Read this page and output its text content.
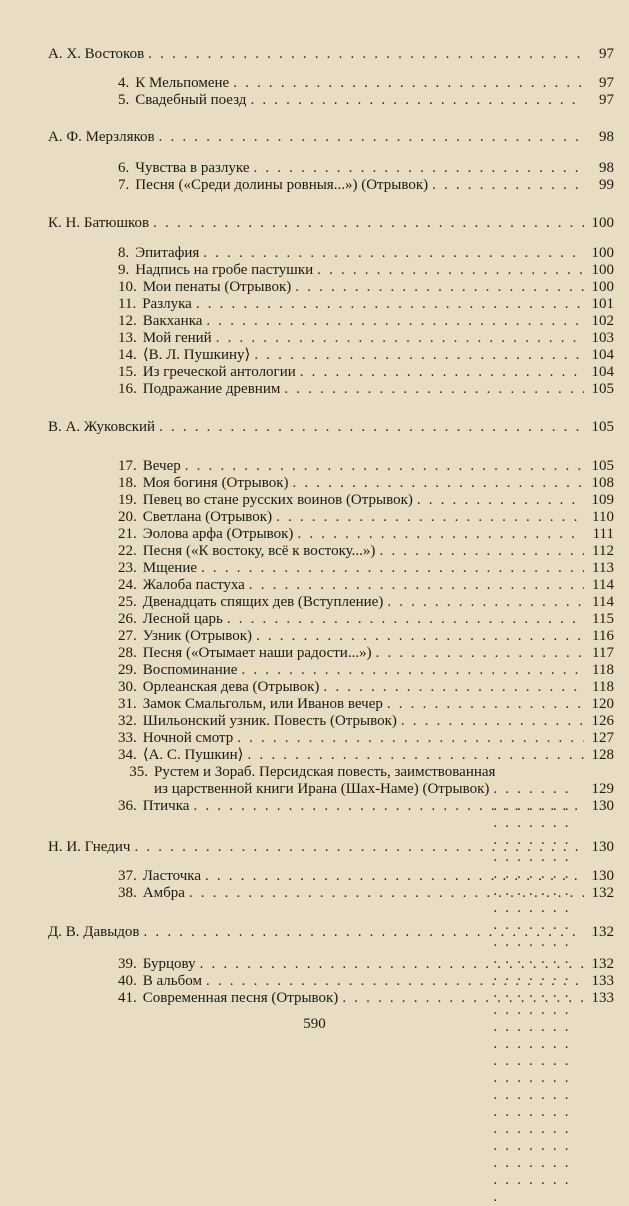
А. Х. Востоков . . .	97
4. К Мельпомене . . .	97
5. Свадебный поезд . . .	97
А. Ф. Мерзляков . . .	98
6. Чувства в разлуке . . .	98
7. Песня («Среди долины ровныя...») (Отрывок) . . .	99
К. Н. Батюшков . . .	100
8. Эпитафия . . .	100
9. Надпись на гробе пастушки . . .	100
10. Мои пенаты (Отрывок) . . .	100
11. Разлука . . .	101
12. Вакханка . . .	102
13. Мой гений . . .	103
14. ⟨В. Л. Пушкину⟩ . . .	104
15. Из греческой антологии . . .	104
16. Подражание древним . . .	105
В. А. Жуковский . . .	105
17. Вечер . . .	105
18. Моя богиня (Отрывок) . . .	108
19. Певец во стане русских воинов (Отрывок) . . .	109
20. Светлана (Отрывок) . . .	110
21. Эолова арфа (Отрывок) . . .	111
22. Песня («К востоку, всё к востоку...») . . .	112
23. Мщение . . .	113
24. Жалоба пастуха . . .	114
25. Двенадцать спящих дев (Вступление) . . .	114
26. Лесной царь . . .	115
27. Узник (Отрывок) . . .	116
28. Песня («Отымает наши радости...») . . .	117
29. Воспоминание . . .	118
30. Орлеанская дева (Отрывок) . . .	118
31. Замок Смальгольм, или Иванов вечер . . .	120
32. Шильонский узник. Повесть (Отрывок) . . .	126
33. Ночной смотр . . .	127
34. ⟨А. С. Пушкин⟩ . . .	128
35. Рустем и Зораб. Персидская повесть, заимствованная
из царственной книги Ирана (Шах-Наме) (Отрывок) . . .	129
36. Птичка . . .	130
Н. И. Гнедич . . .	130
37. Ласточка . . .	130
38. Амбра . . .	132
Д. В. Давыдов . . .	132
39. Бурцову . . .	132
40. В альбом . . .	133
41. Современная песня (Отрывок) . . .	133
590
